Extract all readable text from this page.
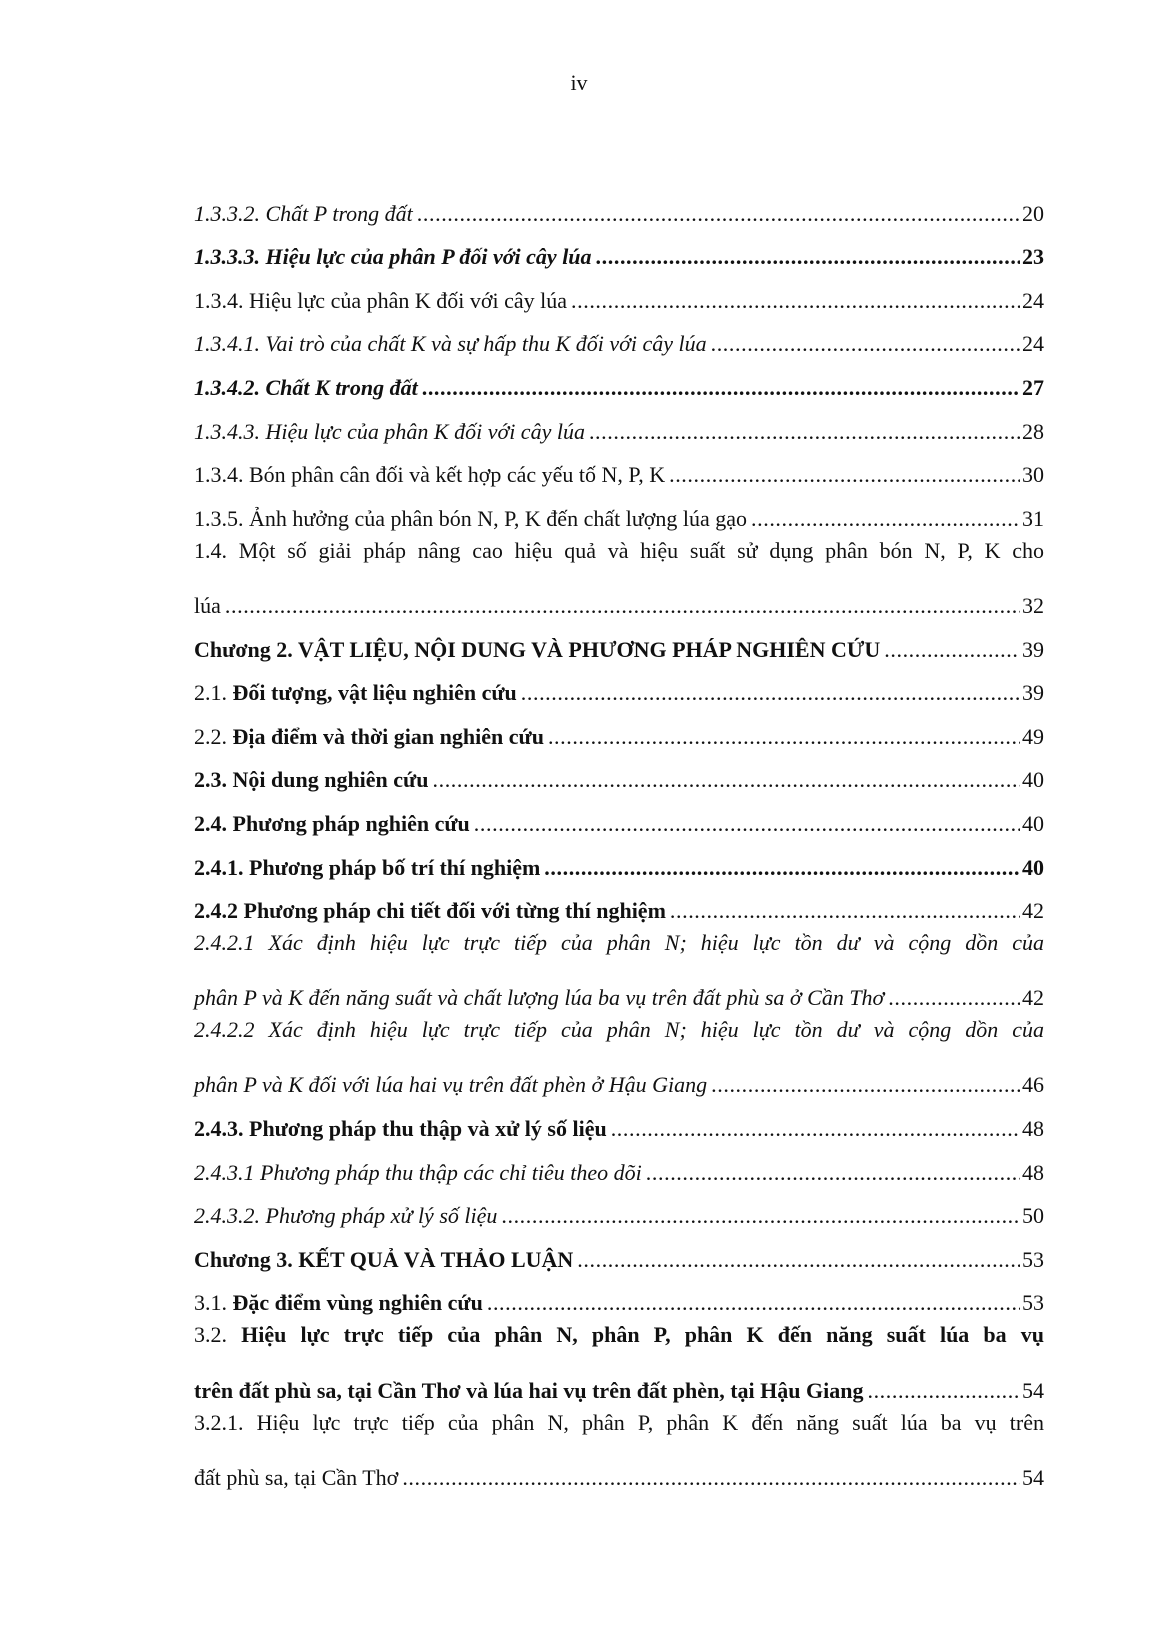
iv
1.3.3.2. Chất P trong đất .....	20
1.3.3.3. Hiệu lực của phân P đối với cây lúa .....	23
1.3.4. Hiệu lực của phân K đối với cây lúa .....	24
1.3.4.1. Vai trò của chất K và sự hấp thu K đối với cây lúa .....	24
1.3.4.2. Chất K trong đất .....	27
1.3.4.3. Hiệu lực của phân K đối với cây lúa .....	28
1.3.4. Bón phân cân đối và kết hợp các yếu tố N, P, K .....	30
1.3.5. Ảnh hưởng của phân bón N, P, K đến chất lượng lúa gạo .....	31
1.4. Một số giải pháp nâng cao hiệu quả và hiệu suất sử dụng phân bón N, P, K cho
lúa .....	32
Chương 2. VẬT LIỆU, NỘI DUNG VÀ PHƯƠNG PHÁP NGHIÊN CỨU .....	39
2.1. Đối tượng, vật liệu nghiên cứu .....	39
2.2. Địa điểm và thời gian nghiên cứu .....	49
2.3. Nội dung nghiên cứu .....	40
2.4. Phương pháp nghiên cứu .....	40
2.4.1. Phương pháp bố trí thí nghiệm .....	40
2.4.2 Phương pháp chi tiết đối với từng thí nghiệm .....	42
2.4.2.1 Xác định hiệu lực trực tiếp của phân N; hiệu lực tồn dư và cộng dồn của
phân P và K đến năng suất và chất lượng lúa ba vụ trên đất phù sa ở Cần Thơ .....	42
2.4.2.2 Xác định hiệu lực trực tiếp của phân N; hiệu lực tồn dư và cộng dồn của
phân P và K đối với lúa hai vụ trên đất phèn ở Hậu Giang .....	46
2.4.3. Phương pháp thu thập và xử lý số liệu .....	48
2.4.3.1 Phương pháp thu thập các chỉ tiêu theo dõi .....	48
2.4.3.2. Phương pháp xử lý số liệu .....	50
Chương 3. KẾT QUẢ VÀ THẢO LUẬN .....	53
3.1. Đặc điểm vùng nghiên cứu .....	53
3.2. Hiệu lực trực tiếp của phân N, phân P, phân K đến năng suất lúa ba vụ
trên đất phù sa, tại Cần Thơ và lúa hai vụ trên đất phèn, tại Hậu Giang .....	54
3.2.1. Hiệu lực trực tiếp của phân N, phân P, phân K đến năng suất lúa ba vụ trên
đất phù sa, tại Cần Thơ .....	54
